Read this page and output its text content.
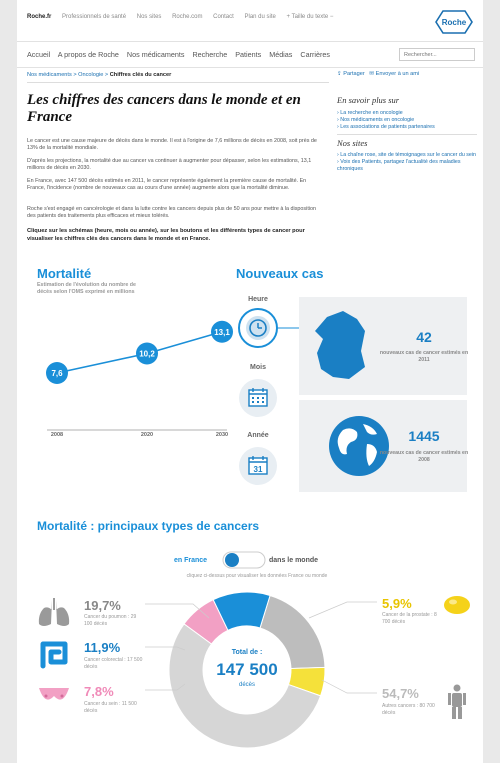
Roche.fr Professionnels de santé Nos sites Roche.com Contact Plan du site + Taille du texte −
Roche
Accueil A propos de Roche Nos médicaments Recherche Patients Médias Carrières
Rechercher...
Nos médicaments > Oncologie > Chiffres clés du cancer	⇪ Partager ✉ Envoyer à un ami
Les chiffres des cancers dans le monde et en France

Le cancer est une cause majeure de décès dans le monde. Il est à l'origine de 7,6 millions de décès en 2008, soit près de 13% de la mortalité mondiale.

D'après les projections, la mortalité due au cancer va continuer à augmenter pour dépasser, selon les estimations, 13,1 millions de décès en 2030.

En France, avec 147 500 décès estimés en 2011, le cancer représente également la première cause de mortalité. En France, l'incidence (nombre de nouveaux cas au cours d'une année) augmente alors que la mortalité diminue.

Roche s'est engagé en cancérologie et dans la lutte contre les cancers depuis plus de 50 ans pour mettre à la disposition des patients des traitements plus efficaces et mieux tolérés.

Cliquez sur les schémas (heure, mois ou année), sur les boutons et les différents types de cancer pour visualiser les chiffres clés des cancers dans le monde et en France.

En savoir plus sur
› La recherche en oncologie
› Nos médicaments en oncologie
› Les associations de patients partenaires
Nos sites
› La chaîne rose, site de témoignages sur le cancer du sein
› Voix des Patients, partagez l'actualité des maladies chroniques
Mortalité
Estimation de l'évolution du nombre de décès selon l'OMS exprimé en millions
7,6
2008
10,2
2020
13,1
2030
Nouveaux cas
Heure
Mois
Année
31
42
nouveaux cas de cancer estimés en 2011
1445
nouveaux cas de cancer estimés en 2008
Mortalité : principaux types de cancers
en France	dans le monde
cliquez ci-dessus pour visualiser les données France ou monde
19,7%
Cancer du poumon : 29 100 décès
11,9%
Cancer colorectal : 17 500 décès
7,8%
Cancer du sein : 11 500 décès
5,9%
Cancer de la prostate : 8 700 décès
54,7%
Autres cancers : 80 700 décès
Total de :
147 500
décès
